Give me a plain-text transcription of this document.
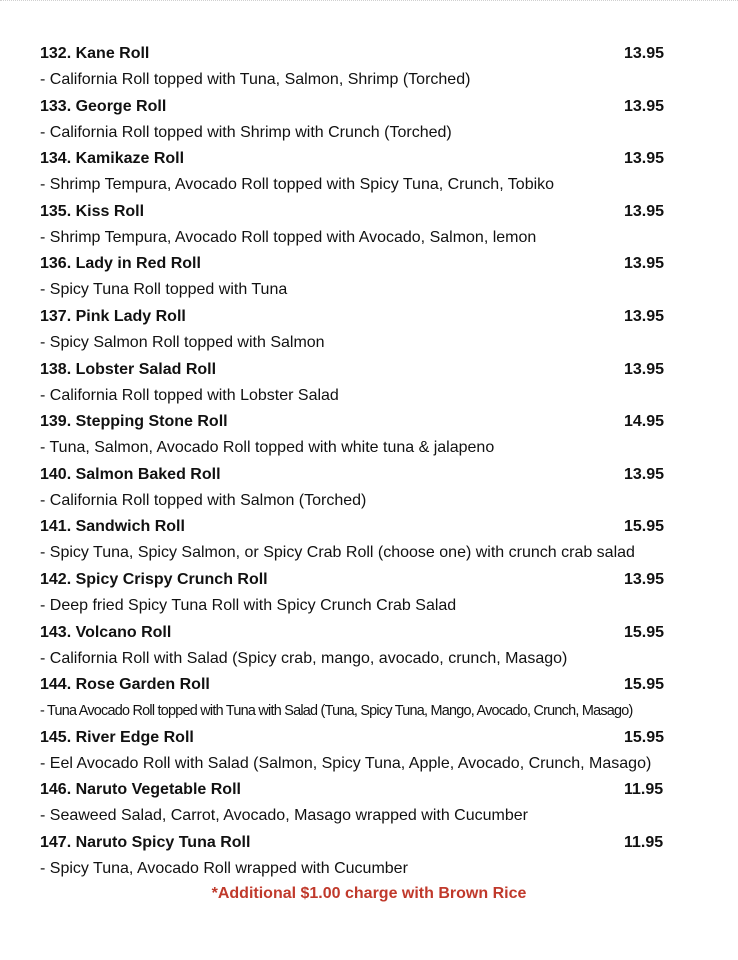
132. Kane Roll	13.95
- California Roll topped with Tuna, Salmon, Shrimp (Torched)
133. George Roll	13.95
- California Roll topped with Shrimp with Crunch (Torched)
134. Kamikaze Roll	13.95
- Shrimp Tempura, Avocado Roll topped with Spicy Tuna, Crunch, Tobiko
135. Kiss Roll	13.95
- Shrimp Tempura, Avocado Roll topped with Avocado, Salmon, lemon
136. Lady in Red Roll	13.95
- Spicy Tuna Roll topped with Tuna
137. Pink Lady Roll	13.95
- Spicy Salmon Roll topped with Salmon
138. Lobster Salad Roll	13.95
- California Roll topped with Lobster Salad
139. Stepping Stone Roll	14.95
- Tuna, Salmon, Avocado Roll topped with white tuna & jalapeno
140. Salmon Baked Roll	13.95
- California Roll topped with Salmon (Torched)
141. Sandwich Roll	15.95
- Spicy Tuna, Spicy Salmon, or Spicy Crab Roll (choose one) with crunch crab salad
142. Spicy Crispy Crunch Roll	13.95
- Deep fried Spicy Tuna Roll with Spicy Crunch Crab Salad
143. Volcano Roll	15.95
- California Roll with Salad (Spicy crab, mango, avocado, crunch, Masago)
144. Rose Garden Roll	15.95
- Tuna Avocado Roll topped with Tuna with Salad (Tuna, Spicy Tuna, Mango, Avocado, Crunch, Masago)
145. River Edge Roll	15.95
- Eel Avocado Roll with Salad (Salmon, Spicy Tuna, Apple, Avocado, Crunch, Masago)
146. Naruto Vegetable Roll	11.95
- Seaweed Salad, Carrot, Avocado, Masago wrapped with Cucumber
147. Naruto Spicy Tuna Roll	11.95
- Spicy Tuna, Avocado Roll wrapped with Cucumber
*Additional $1.00 charge with Brown Rice
